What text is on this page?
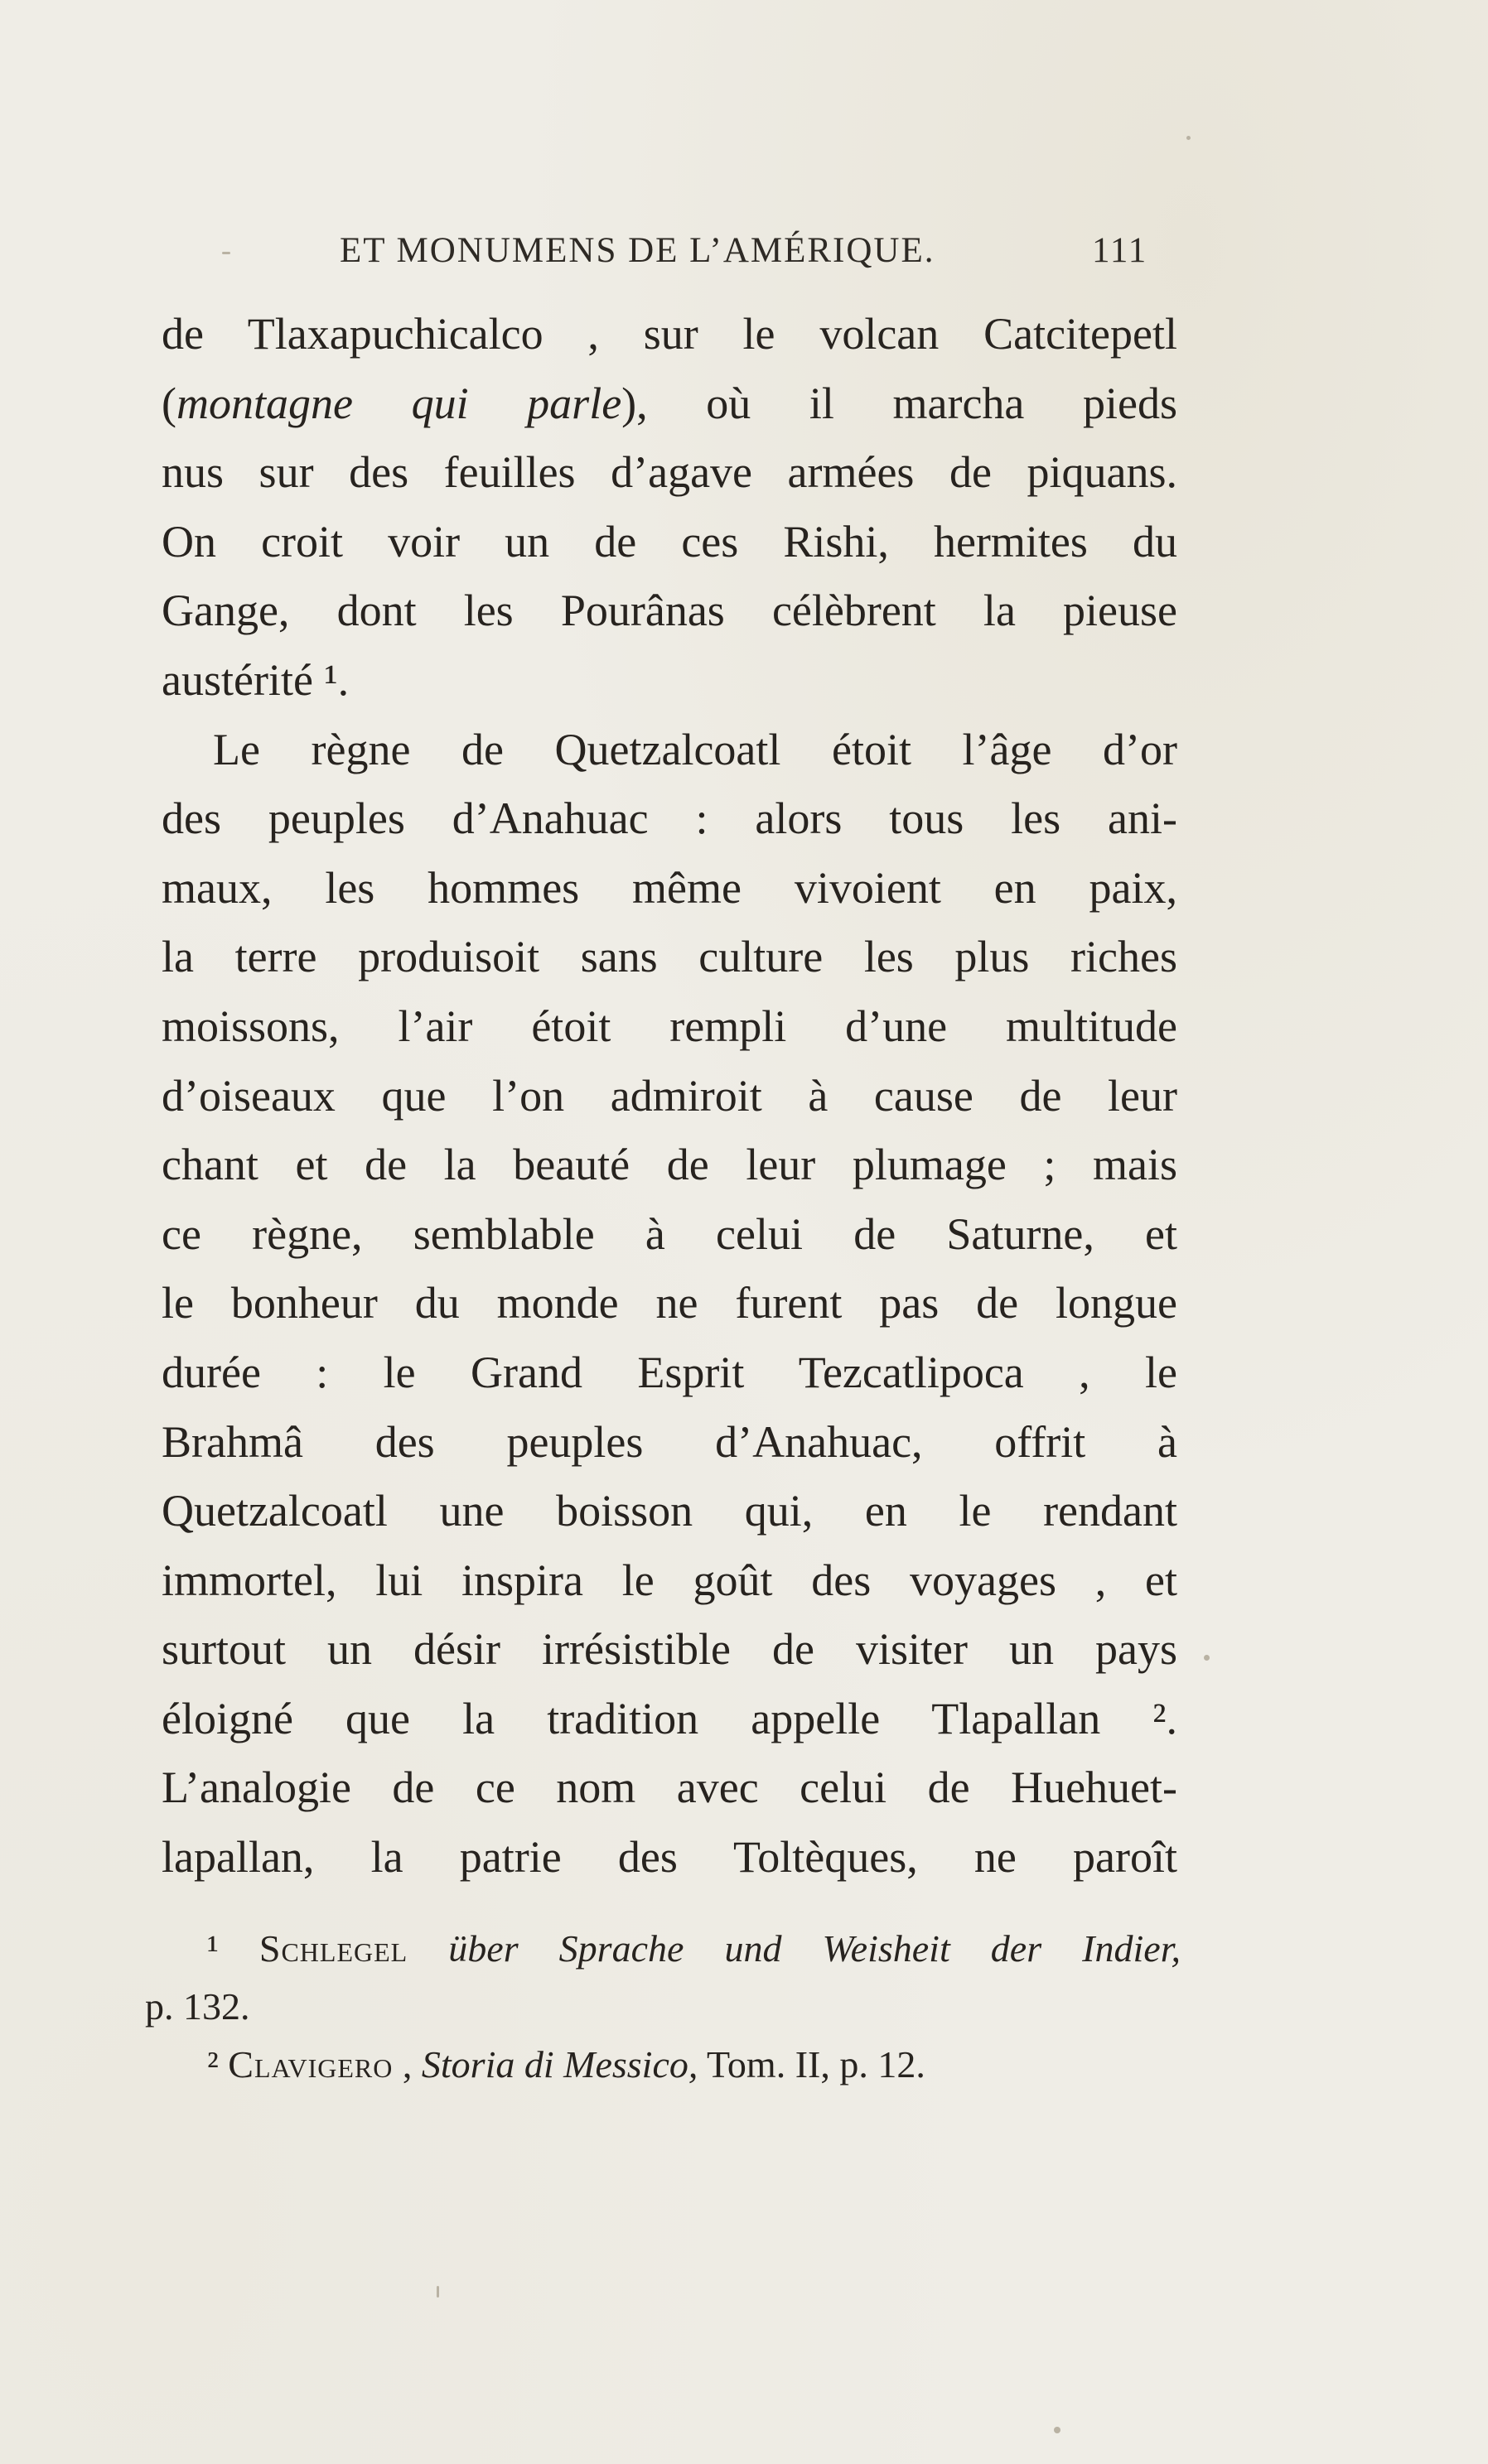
ET MONUMENS DE L’AMÉRIQUE.	111
de Tlaxapuchicalco , sur le volcan Catcitepetl
(montagne qui parle), où il marcha pieds
nus sur des feuilles d’agave armées de piquans.
On croit voir un de ces Rishi, hermites du
Gange, dont les Pourânas célèbrent la pieuse
austérité ¹.
Le règne de Quetzalcoatl étoit l’âge d’or
des peuples d’Anahuac : alors tous les ani-
maux, les hommes même vivoient en paix,
la terre produisoit sans culture les plus riches
moissons, l’air étoit rempli d’une multitude
d’oiseaux que l’on admiroit à cause de leur
chant et de la beauté de leur plumage ; mais
ce règne, semblable à celui de Saturne, et
le bonheur du monde ne furent pas de longue
durée : le Grand Esprit Tezcatlipoca , le
Brahmâ des peuples d’Anahuac, offrit à
Quetzalcoatl une boisson qui, en le rendant
immortel, lui inspira le goût des voyages , et
surtout un désir irrésistible de visiter un pays
éloigné que la tradition appelle Tlapallan ².
L’analogie de ce nom avec celui de Huehuet-
lapallan, la patrie des Toltèques, ne paroît
¹ Schlegel über Sprache und Weisheit der Indier,
p. 132.
² Clavigero , Storia di Messico, Tom. II, p. 12.
